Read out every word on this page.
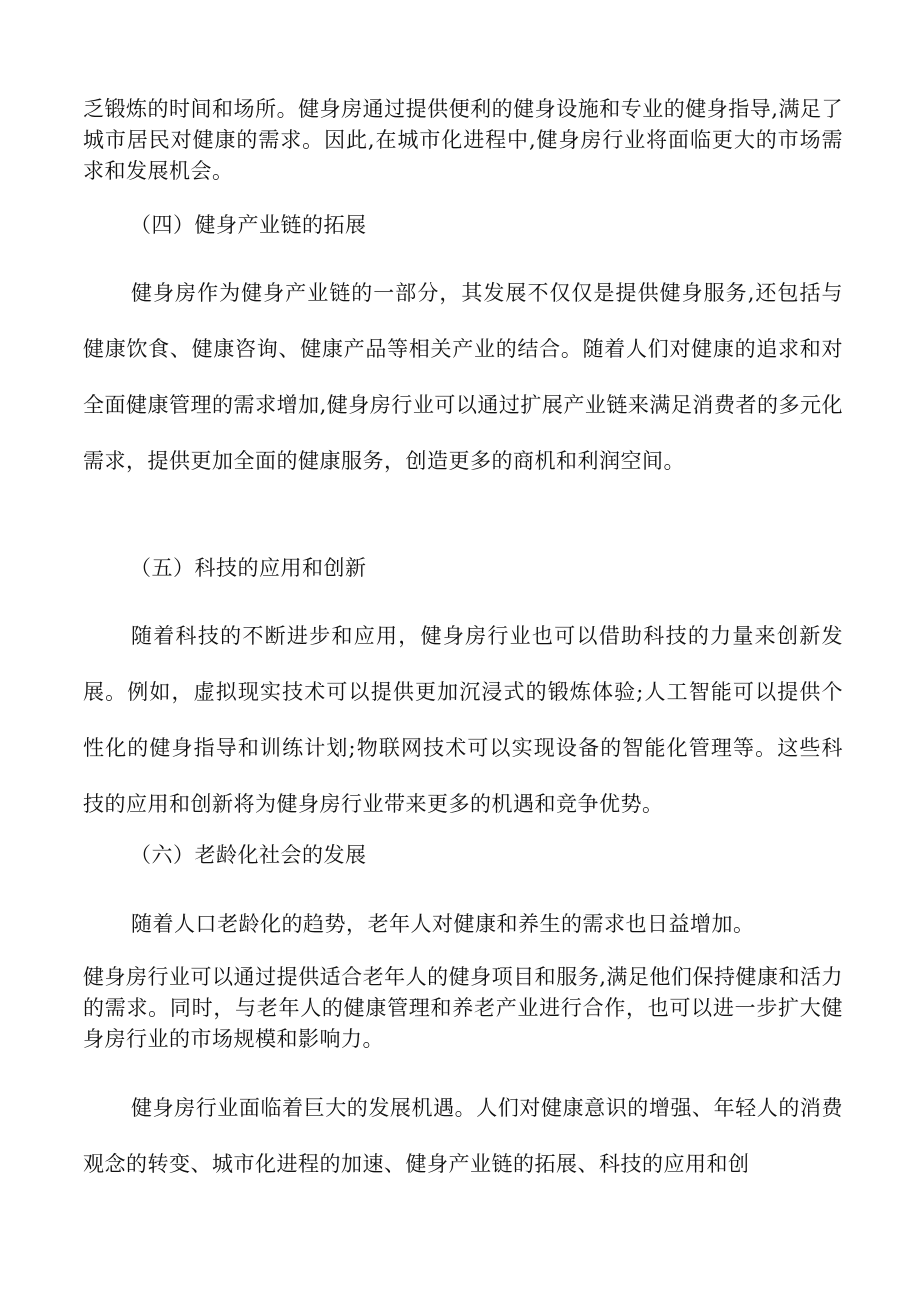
乏锻炼的时间和场所。健身房通过提供便利的健身设施和专业的健身指导,满足了城市居民对健康的需求。因此,在城市化进程中,健身房行业将面临更大的市场需求和发展机会。

（四）健身产业链的拓展

健身房作为健身产业链的一部分，其发展不仅仅是提供健身服务,还包括与健康饮食、健康咨询、健康产品等相关产业的结合。随着人们对健康的追求和对全面健康管理的需求增加,健身房行业可以通过扩展产业链来满足消费者的多元化需求，提供更加全面的健康服务，创造更多的商机和利润空间。

（五）科技的应用和创新

随着科技的不断进步和应用，健身房行业也可以借助科技的力量来创新发展。例如，虚拟现实技术可以提供更加沉浸式的锻炼体验;人工智能可以提供个性化的健身指导和训练计划;物联网技术可以实现设备的智能化管理等。这些科技的应用和创新将为健身房行业带来更多的机遇和竞争优势。

（六）老龄化社会的发展

随着人口老龄化的趋势，老年人对健康和养生的需求也日益增加。

健身房行业可以通过提供适合老年人的健身项目和服务,满足他们保持健康和活力的需求。同时，与老年人的健康管理和养老产业进行合作，也可以进一步扩大健身房行业的市场规模和影响力。

健身房行业面临着巨大的发展机遇。人们对健康意识的增强、年轻人的消费观念的转变、城市化进程的加速、健身产业链的拓展、科技的应用和创
